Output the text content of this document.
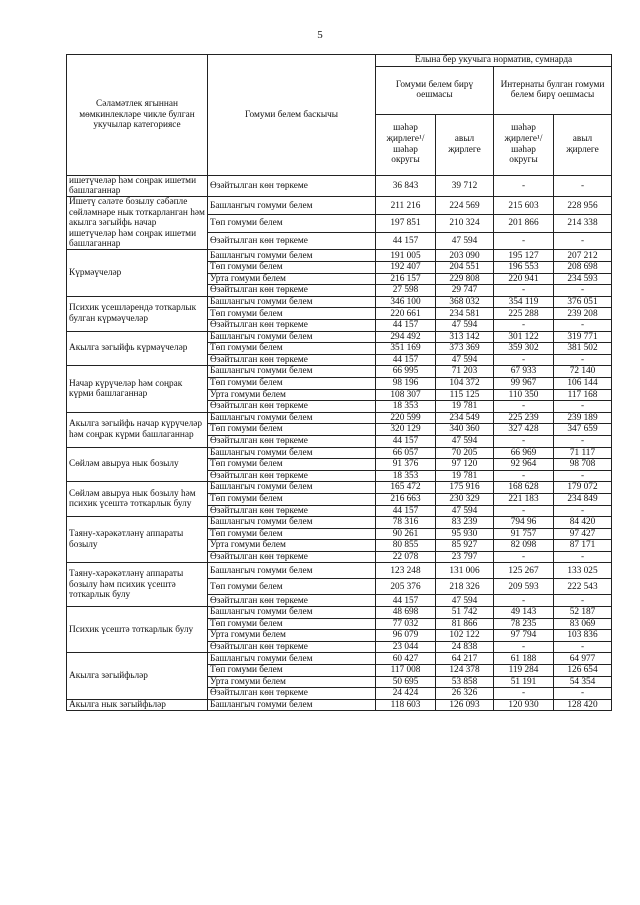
5
Сәламәтлек ягыннан мөмкинлекләре чикле булган укучылар категориясе	Гомуми белем баскычы	Елына бер укучыга норматив, сумнарда			
		Гомуми белем бирү оешмасы		Интернаты булган гомуми белем бирү оешмасы	
		шәһәр җирлеге¹/ шәһәр округы	авыл җирлеге	шәһәр җирлеге¹/ шәһәр округы	авыл җирлеге
ишетүчеләр һәм соңрак ишетми башлаганнар	Өзәйтылган көн төркеме	36 843	39 712	-	-
Ишетү сәләте бозылу сәбәпле сөйләмнәре нык тоткарланган һәм акылга зәгыйфь начар ишетүчеләр һәм соңрак ишетми башлаганнар	Башлангыч гомуми белем	211 216	224 569	215 603	228 956
	Төп гомуми белем	197 851	210 324	201 866	214 338
	Өзәйтылган көн төркеме	44 157	47 594	-	-
Күрмәүчеләр	Башлангыч гомуми белем	191 005	203 090	195 127	207 212
	Төп гомуми белем	192 407	204 551	196 553	208 698
	Урта гомуми белем	216 157	229 808	220 941	234 593
	Өзәйтылган көн төркеме	27 598	29 747	-	-
Психик үсешләрендә тоткарлык булган күрмәүчеләр	Башлангыч гомуми белем	346 100	368 032	354 119	376 051
	Төп гомуми белем	220 661	234 581	225 288	239 208
	Өзәйтылган көн төркеме	44 157	47 594	-	-
Акылга зәгыйфь күрмәүчеләр	Башлангыч гомуми белем	294 492	313 142	301 122	319 771
	Төп гомуми белем	351 169	373 369	359 302	381 502
	Өзәйтылган көн төркеме	44 157	47 594	-	-
Начар күрүчеләр һәм соңрак күрми башлаганнар	Башлангыч гомуми белем	66 995	71 203	67 933	72 140
	Төп гомуми белем	98 196	104 372	99 967	106 144
	Урта гомуми белем	108 307	115 125	110 350	117 168
	Өзәйтылган көн төркеме	18 353	19 781	-	-
Акылга зәгыйфь начар күрүчеләр һәм соңрак күрми башлаганнар	Башлангыч гомуми белем	220 599	234 549	225 239	239 189
	Төп гомуми белем	320 129	340 360	327 428	347 659
	Өзәйтылган көн төркеме	44 157	47 594	-	-
Сөйләм авыруа нык бозылу	Башлангыч гомуми белем	66 057	70 205	66 969	71 117
	Төп гомуми белем	91 376	97 120	92 964	98 708
	Өзәйтылган көн төркеме	18 353	19 781	-	-
Сөйләм авыруа нык бозылу һәм психик үсештә тоткарлык булу	Башлангыч гомуми белем	165 472	175 916	168 628	179 072
	Төп гомуми белем	216 663	230 329	221 183	234 849
	Өзәйтылган көн төркеме	44 157	47 594	-	-
Таяну-хәрәкәтләнү аппараты бозылу	Башлангыч гомуми белем	78 316	83 239	794 96	84 420
	Төп гомуми белем	90 261	95 930	91 757	97 427
	Урта гомуми белем	80 855	85 927	82 098	87 171
	Өзәйтылган көн төркеме	22 078	23 797	-	-
Таяну-хәрәкәтләнү аппараты бозылу һәм психик үсештә тоткарлык булу	Башлангыч гомуми белем	123 248	131 006	125 267	133 025
	Төп гомуми белем	205 376	218 326	209 593	222 543
	Өзәйтылган көн төркеме	44 157	47 594	-	-
Психик үсештә тоткарлык булу	Башлангыч гомуми белем	48 698	51 742	49 143	52 187
	Төп гомуми белем	77 032	81 866	78 235	83 069
	Урта гомуми белем	96 079	102 122	97 794	103 836
	Өзәйтылган көн төркеме	23 044	24 838	-	-
Акылга зәгыйфьләр	Башлангыч гомуми белем	60 427	64 217	61 188	64 977
	Төп гомуми белем	117 008	124 378	119 284	126 654
	Урта гомуми белем	50 695	53 858	51 191	54 354
	Өзәйтылган көн төркеме	24 424	26 326	-	-
Акылга нык зәгыйфьләр	Башлангыч гомуми белем	118 603	126 093	120 930	128 420
